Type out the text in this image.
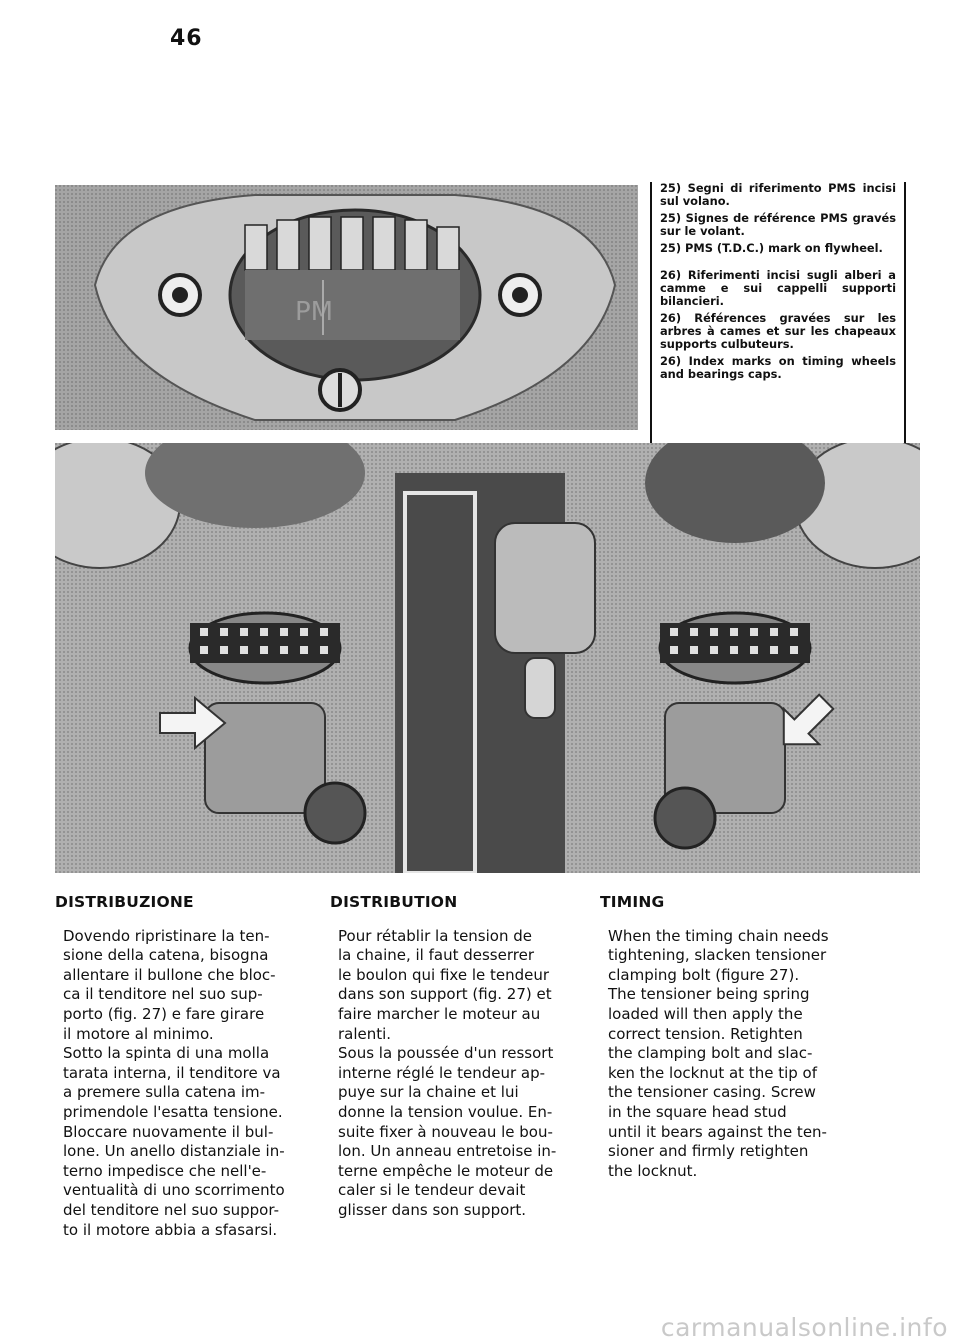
46
PM

25) Segni di riferimento PMS incisi sul volano.

25) Signes de référence PMS gravés sur le volant.

25) PMS (T.D.C.) mark on flywheel.

26) Riferimenti incisi sugli alberi a camme e sui cappelli supporti bilancieri.

26) Références gravées sur les arbres à cames et sur les chapeaux supports culbuteurs.

26) Index marks on timing wheels and bearings caps.

DISTRIBUZIONE
Dovendo ripristinare la ten-
sione della catena, bisogna
allentare il bullone che bloc-
ca il tenditore nel suo sup-
porto (fig. 27) e fare girare
il motore al minimo.
Sotto la spinta di una molla
tarata interna, il tenditore va
a premere sulla catena im-
primendole l'esatta tensione.
Bloccare nuovamente il bul-
lone. Un anello distanziale in-
terno impedisce che nell'e-
ventualità di uno scorrimento
del tenditore nel suo suppor-
to il motore abbia a sfasarsi.
DISTRIBUTION
Pour rétablir la tension de
la chaine, il faut desserrer
le boulon qui fixe le tendeur
dans son support (fig. 27) et
faire marcher le moteur au
ralenti.
Sous la poussée d'un ressort
interne réglé le tendeur ap-
puye sur la chaine et lui
donne la tension voulue. En-
suite fixer à nouveau le bou-
lon. Un anneau entretoise in-
terne empêche le moteur de
caler si le tendeur devait
glisser dans son support.
TIMING
When the timing chain needs
tightening, slacken tensioner
clamping bolt (figure 27).
The tensioner being spring
loaded will then apply the
correct tension. Retighten
the clamping bolt and slac-
ken the locknut at the tip of
the tensioner casing. Screw
in the square head stud
until it bears against the ten-
sioner and firmly retighten
the locknut.
carmanualsonline.info
